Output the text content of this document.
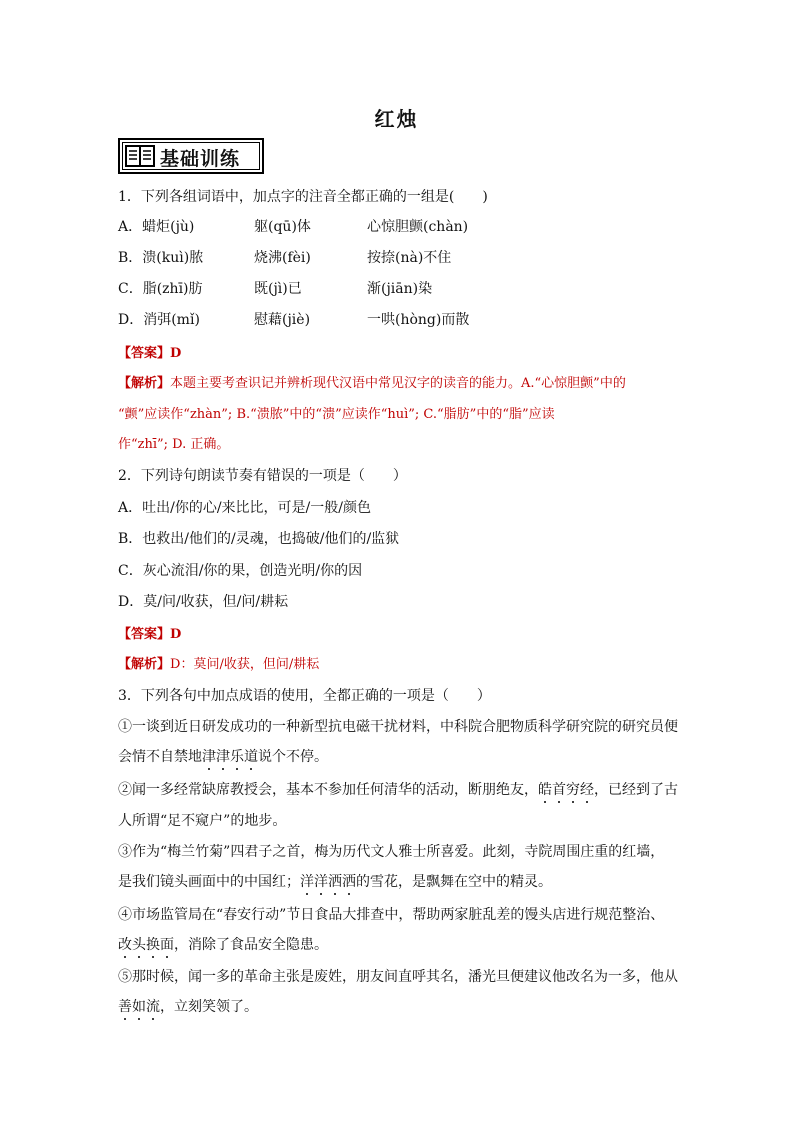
红烛
基础训练
1．下列各组词语中，加点字的注音全都正确的一组是(　　)
A．蜡炬(jù)	躯(qū)体	心惊胆颤(chàn)
B．溃(kuì)脓	烧沸(fèi)	按捺(nà)不住
C．脂(zhī)肪	既(jì)已	渐(jiān)染
D．消弭(mǐ)	慰藉(jiè)	一哄(hòng)而散
【答案】D
【解析】本题主要考查识记并辨析现代汉语中常见汉字的读音的能力。A.“心惊胆颤”中的
“颤”应读作“zhàn”; B.“溃脓”中的“溃”应读作“huì”; C.“脂肪”中的“脂”应读
作“zhī”; D. 正确。
2．下列诗句朗读节奏有错误的一项是（　　）
A．吐出/你的心/来比比，可是/一般/颜色
B．也救出/他们的/灵魂，也捣破/他们的/监狱
C．灰心流泪/你的果，创造光明/你的因
D．莫/问/收获，但/问/耕耘
【答案】D
【解析】D：莫问/收获，但问/耕耘
3．下列各句中加点成语的使用，全都正确的一项是（　　）
①一谈到近日研发成功的一种新型抗电磁干扰材料，中科院合肥物质科学研究院的研究员便
会情不自禁地津津乐道说个不停。
②闻一多经常缺席教授会，基本不参加任何清华的活动，断朋绝友，皓首穷经，已经到了古
人所谓“足不窥户”的地步。
③作为“梅兰竹菊”四君子之首，梅为历代文人雅士所喜爱。此刻，寺院周围庄重的红墙，
是我们镜头画面中的中国红；洋洋洒洒的雪花，是飘舞在空中的精灵。
④市场监管局在“春安行动”节日食品大排查中，帮助两家脏乱差的馒头店进行规范整治、
改头换面，消除了食品安全隐患。
⑤那时候，闻一多的革命主张是废姓，朋友间直呼其名，潘光旦便建议他改名为一多，他从
善如流，立刻笑领了。
